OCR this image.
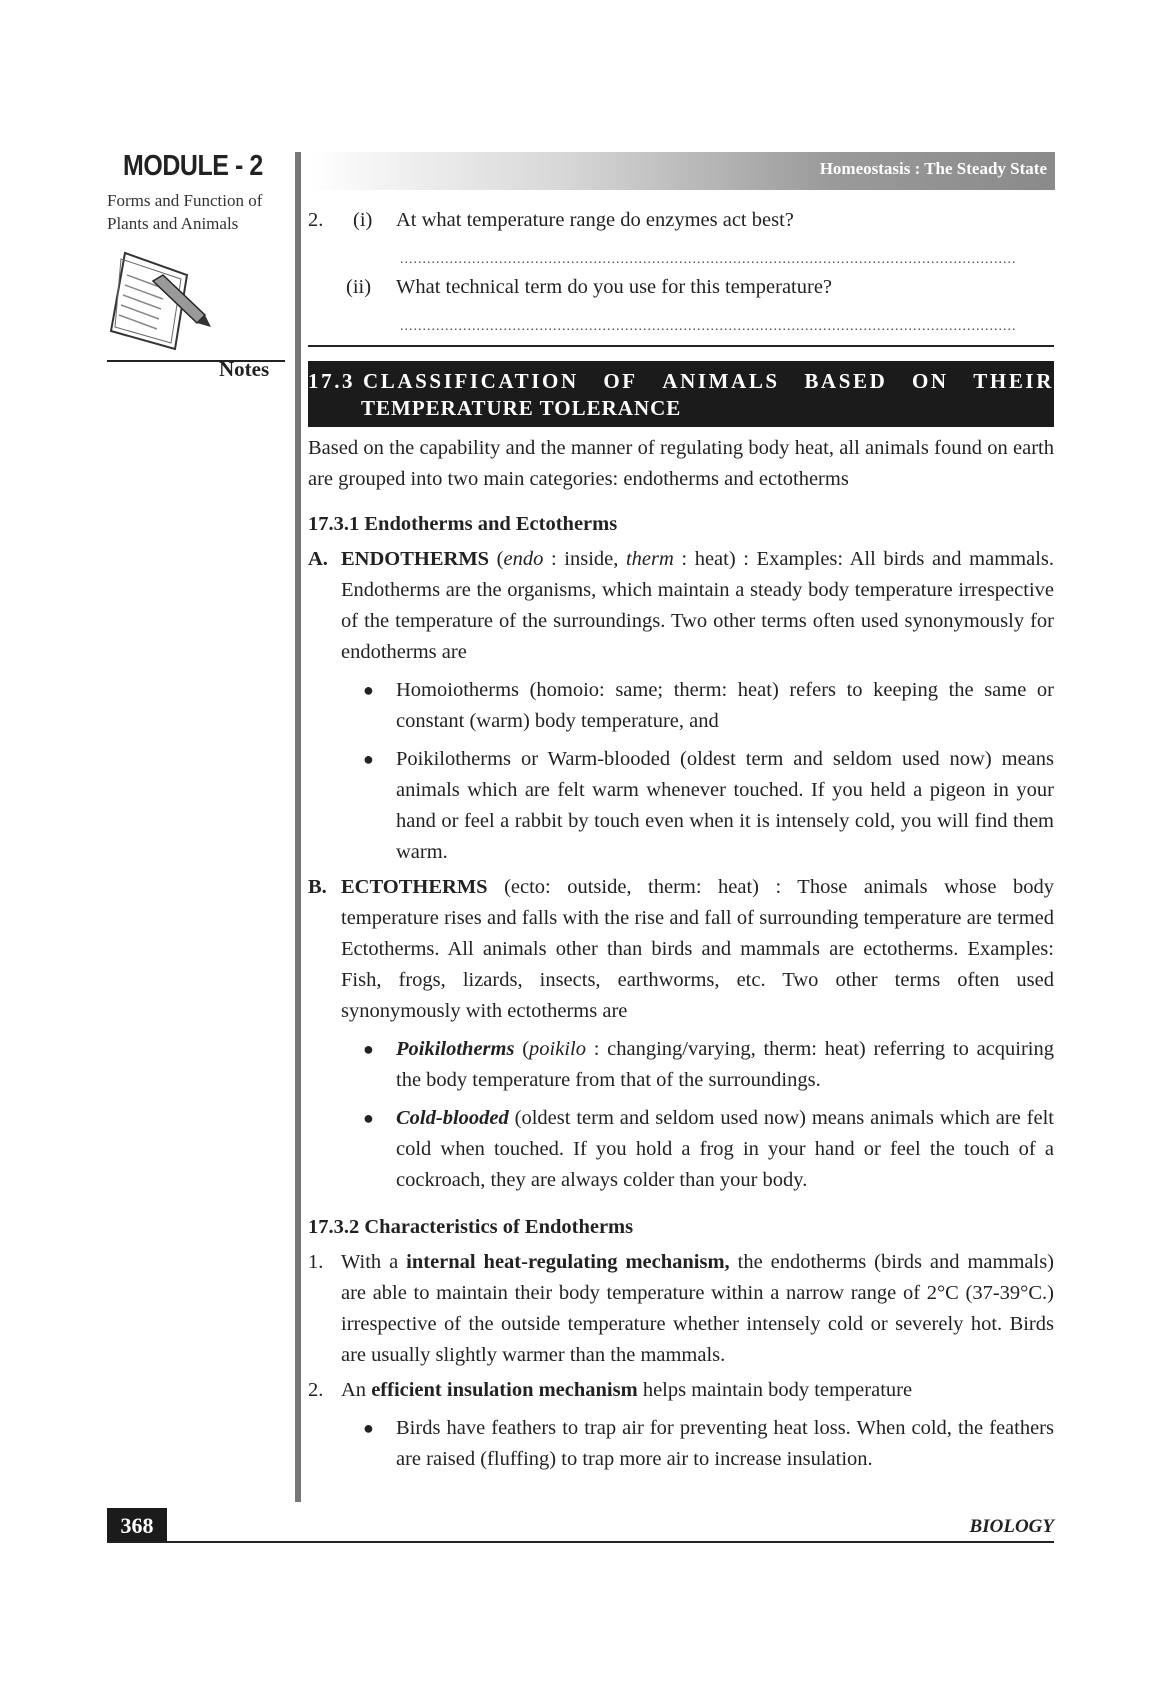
MODULE - 2
Forms and Function of
Plants and Animals
Notes
Homeostasis : The Steady State
2. (i) At what temperature range do enzymes act best?
.........................................................................................................................................
(ii) What technical term do you use for this temperature?
.........................................................................................................................................
17.3 CLASSIFICATION OF ANIMALS BASED ON THEIR
TEMPERATURE TOLERANCE

Based on the capability and the manner of regulating body heat, all animals found on earth are grouped into two main categories: endotherms and ectotherms

17.3.1 Endotherms and Ectotherms
A. ENDOTHERMS (endo : inside, therm : heat) : Examples: All birds and mammals. Endotherms are the organisms, which maintain a steady body temperature irrespective of the temperature of the surroundings. Two other terms often used synonymously for endotherms are
●	Homoiotherms (homoio: same; therm: heat) refers to keeping the same or constant (warm) body temperature, and
●	Poikilotherms or Warm-blooded (oldest term and seldom used now) means animals which are felt warm whenever touched. If you held a pigeon in your hand or feel a rabbit by touch even when it is intensely cold, you will find them warm.
B. ECTOTHERMS (ecto: outside, therm: heat) : Those animals whose body temperature rises and falls with the rise and fall of surrounding temperature are termed Ectotherms. All animals other than birds and mammals are ectotherms. Examples: Fish, frogs, lizards, insects, earthworms, etc. Two other terms often used synonymously with ectotherms are
●	Poikilotherms (poikilo : changing/varying, therm: heat) referring to acquiring the body temperature from that of the surroundings.
●	Cold-blooded (oldest term and seldom used now) means animals which are felt cold when touched. If you hold a frog in your hand or feel the touch of a cockroach, they are always colder than your body.
17.3.2 Characteristics of Endotherms
1. With a internal heat-regulating mechanism, the endotherms (birds and mammals) are able to maintain their body temperature within a narrow range of 2°C (37-39°C.) irrespective of the outside temperature whether intensely cold or severely hot. Birds are usually slightly warmer than the mammals.
2. An efficient insulation mechanism helps maintain body temperature
●	Birds have feathers to trap air for preventing heat loss. When cold, the feathers are raised (fluffing) to trap more air to increase insulation.
368	BIOLOGY
